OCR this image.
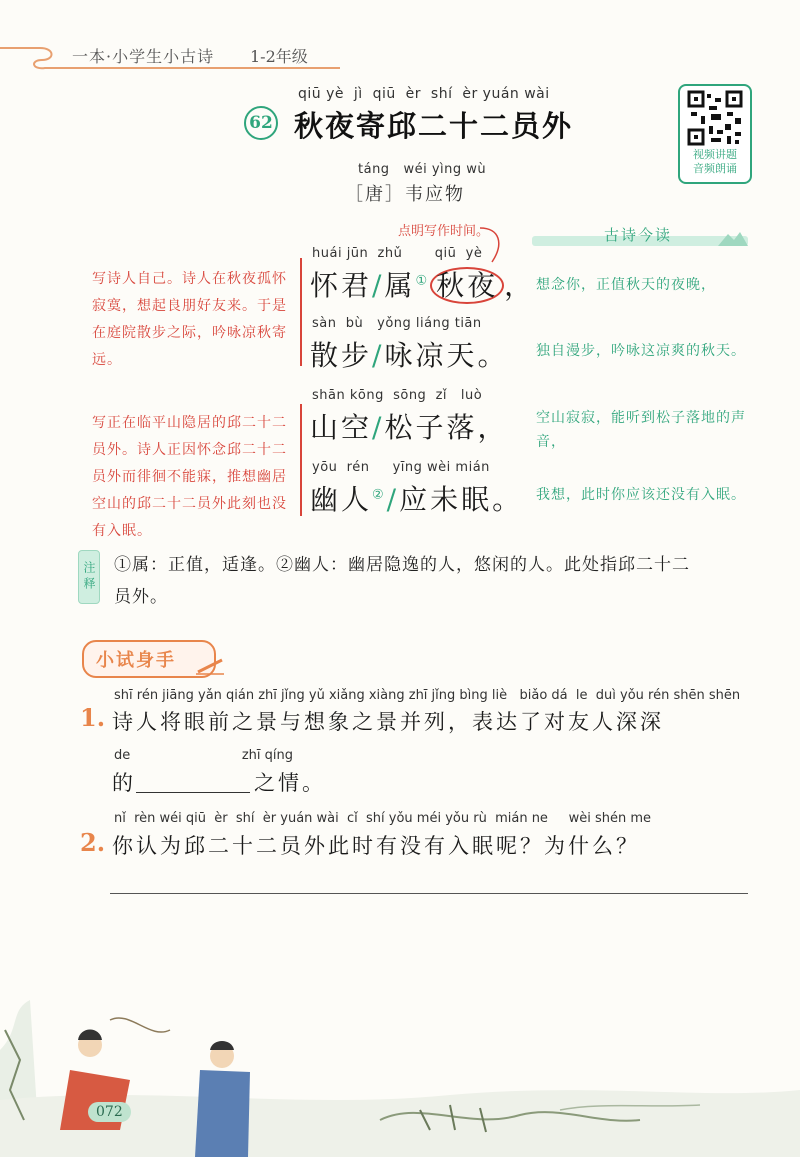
一本·小学生小古诗 1-2年级
视频讲题
音频朗诵
62
qiū yè  jì  qiū  èr  shí  èr yuán wài
秋夜寄邱二十二员外
táng   wéi yìng wù
［唐］韦应物
点明写作时间。
写诗人自己。诗人在秋夜孤怀寂寞，想起良朋好友来。于是在庭院散步之际，吟咏凉秋寄远。
写正在临平山隐居的邱二十二员外。诗人正因怀念邱二十二员外而徘徊不能寐，推想幽居空山的邱二十二员外此刻也没有入眠。
huái jūn  zhǔ       qiū  yè
怀君/属① 秋夜 ，
sàn  bù   yǒng liáng tiān
散步/咏凉天。
shān kōng  sōng  zǐ   luò
山空/松子落，
yōu  rén     yīng wèi mián
幽人②/应未眠。
古诗今读
想念你，正值秋天的夜晚，
独自漫步，吟咏这凉爽的秋天。
空山寂寂，能听到松子落地的声音，
我想，此时你应该还没有入眠。
注释 ①属：正值，适逢。②幽人：幽居隐逸的人，悠闲的人。此处指邱二十二
员外。
小试身手
shī rén jiāng yǎn qián zhī jǐng yǔ xiǎng xiàng zhī jǐng bìng liè   biǎo dá  le  duì yǒu rén shēn shēn
1. 诗人将眼前之景与想象之景并列，表达了对友人深深
de                           zhī qíng
的	之情。
nǐ  rèn wéi qiū  èr  shí  èr yuán wài  cǐ  shí yǒu méi yǒu rù  mián ne     wèi shén me
2. 你认为邱二十二员外此时有没有入眠呢？为什么？
072
